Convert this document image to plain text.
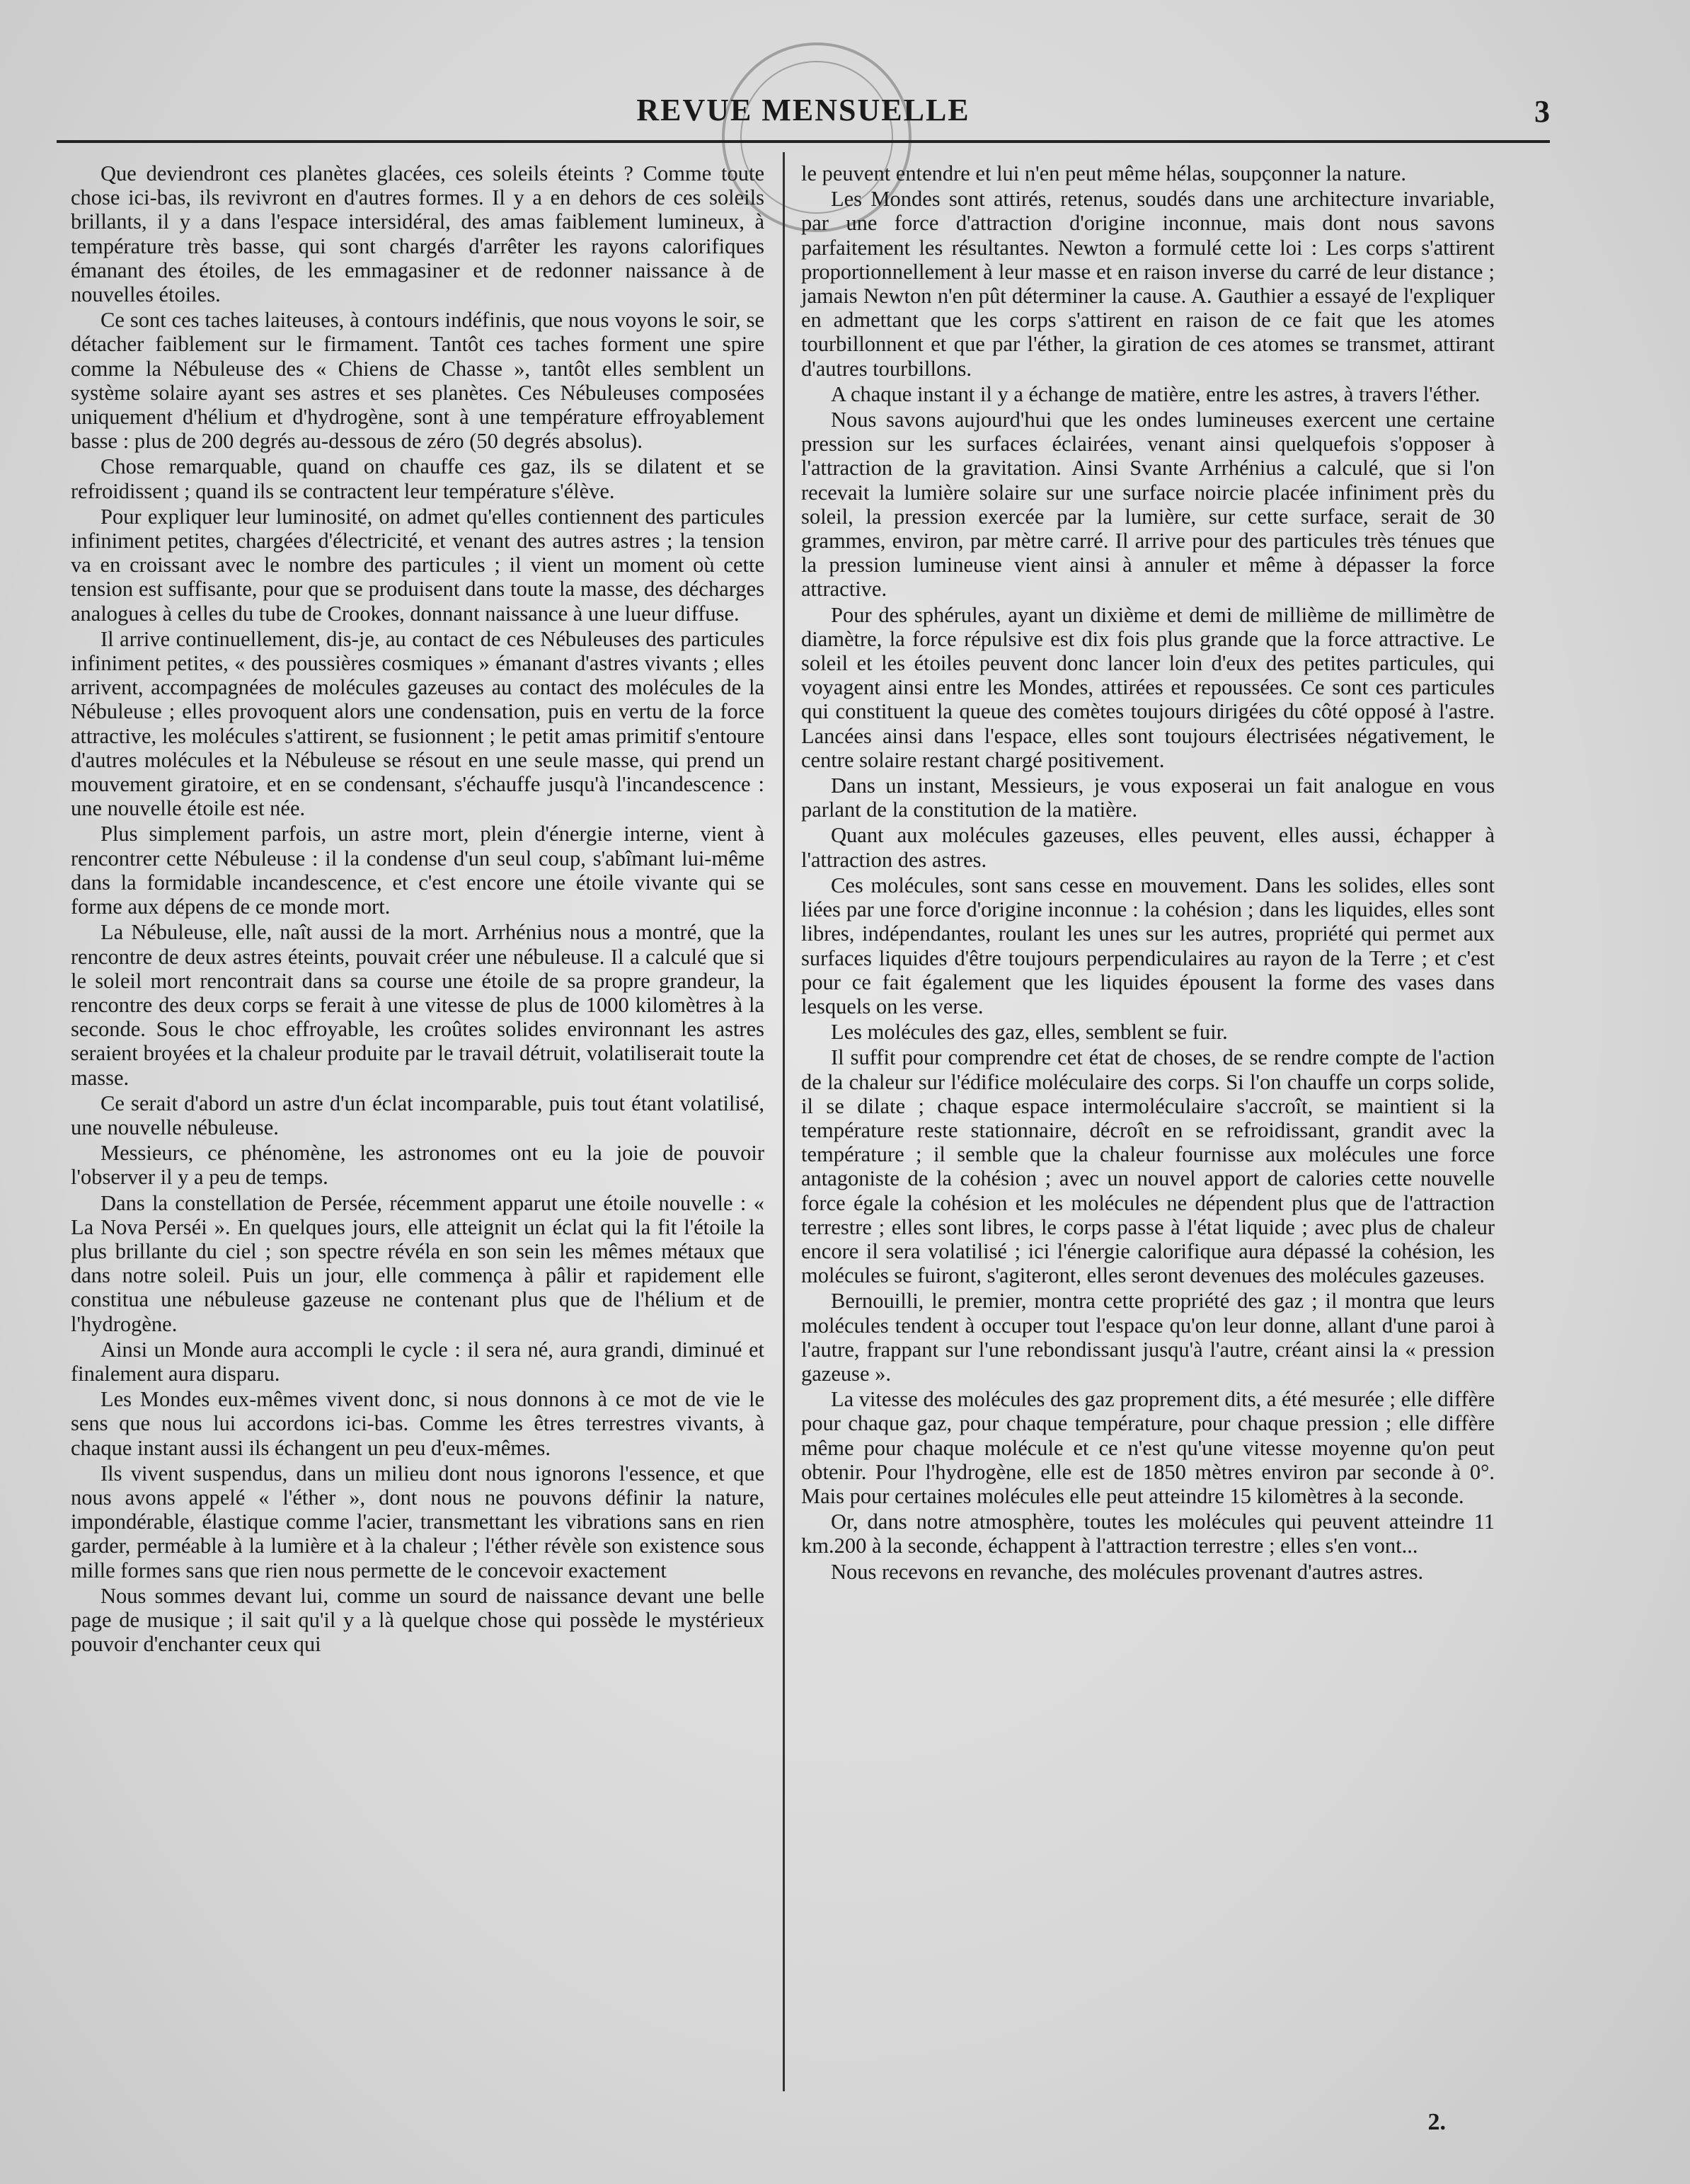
REVUE MENSUELLE	3

Que deviendront ces planètes glacées, ces soleils éteints ? Comme toute chose ici-bas, ils revivront en d'autres formes. Il y a en dehors de ces soleils brillants, il y a dans l'espace intersidéral, des amas faiblement lumineux, à température très basse, qui sont chargés d'arrêter les rayons calorifiques émanant des étoiles, de les emmagasiner et de redonner naissance à de nouvelles étoiles.

Ce sont ces taches laiteuses, à contours indéfinis, que nous voyons le soir, se détacher faiblement sur le firmament. Tantôt ces taches forment une spire comme la Nébuleuse des « Chiens de Chasse », tantôt elles semblent un système solaire ayant ses astres et ses planètes. Ces Nébuleuses composées uniquement d'hélium et d'hydrogène, sont à une température effroyablement basse : plus de 200 degrés au-dessous de zéro (50 degrés absolus).

Chose remarquable, quand on chauffe ces gaz, ils se dilatent et se refroidissent ; quand ils se contractent leur température s'élève.

Pour expliquer leur luminosité, on admet qu'elles contiennent des particules infiniment petites, chargées d'électricité, et venant des autres astres ; la tension va en croissant avec le nombre des particules ; il vient un moment où cette tension est suffisante, pour que se produisent dans toute la masse, des décharges analogues à celles du tube de Crookes, donnant naissance à une lueur diffuse.

Il arrive continuellement, dis-je, au contact de ces Nébuleuses des particules infiniment petites, « des poussières cosmiques » émanant d'astres vivants ; elles arrivent, accompagnées de molécules gazeuses au contact des molécules de la Nébuleuse ; elles provoquent alors une condensation, puis en vertu de la force attractive, les molécules s'attirent, se fusionnent ; le petit amas primitif s'entoure d'autres molécules et la Nébuleuse se résout en une seule masse, qui prend un mouvement giratoire, et en se condensant, s'échauffe jusqu'à l'incandescence : une nouvelle étoile est née.

Plus simplement parfois, un astre mort, plein d'énergie interne, vient à rencontrer cette Nébuleuse : il la condense d'un seul coup, s'abîmant lui-même dans la formidable incandescence, et c'est encore une étoile vivante qui se forme aux dépens de ce monde mort.

La Nébuleuse, elle, naît aussi de la mort. Arrhénius nous a montré, que la rencontre de deux astres éteints, pouvait créer une nébuleuse. Il a calculé que si le soleil mort rencontrait dans sa course une étoile de sa propre grandeur, la rencontre des deux corps se ferait à une vitesse de plus de 1000 kilomètres à la seconde. Sous le choc effroyable, les croûtes solides environnant les astres seraient broyées et la chaleur produite par le travail détruit, volatiliserait toute la masse.

Ce serait d'abord un astre d'un éclat incomparable, puis tout étant volatilisé, une nouvelle nébuleuse.

Messieurs, ce phénomène, les astronomes ont eu la joie de pouvoir l'observer il y a peu de temps.

Dans la constellation de Persée, récemment apparut une étoile nouvelle : « La Nova Perséi ». En quelques jours, elle atteignit un éclat qui la fit l'étoile la plus brillante du ciel ; son spectre révéla en son sein les mêmes métaux que dans notre soleil. Puis un jour, elle commença à pâlir et rapidement elle constitua une nébuleuse gazeuse ne contenant plus que de l'hélium et de l'hydrogène.

Ainsi un Monde aura accompli le cycle : il sera né, aura grandi, diminué et finalement aura disparu.

Les Mondes eux-mêmes vivent donc, si nous donnons à ce mot de vie le sens que nous lui accordons ici-bas. Comme les êtres terrestres vivants, à chaque instant aussi ils échangent un peu d'eux-mêmes.

Ils vivent suspendus, dans un milieu dont nous ignorons l'essence, et que nous avons appelé « l'éther », dont nous ne pouvons définir la nature, impondérable, élastique comme l'acier, transmettant les vibrations sans en rien garder, perméable à la lumière et à la chaleur ; l'éther révèle son existence sous mille formes sans que rien nous permette de le concevoir exactement

Nous sommes devant lui, comme un sourd de naissance devant une belle page de musique ; il sait qu'il y a là quelque chose qui possède le mystérieux pouvoir d'enchanter ceux qui

le peuvent entendre et lui n'en peut même hélas, soupçonner la nature.

Les Mondes sont attirés, retenus, soudés dans une architecture invariable, par une force d'attraction d'origine inconnue, mais dont nous savons parfaitement les résultantes. Newton a formulé cette loi : Les corps s'attirent proportionnellement à leur masse et en raison inverse du carré de leur distance ; jamais Newton n'en pût déterminer la cause. A. Gauthier a essayé de l'expliquer en admettant que les corps s'attirent en raison de ce fait que les atomes tourbillonnent et que par l'éther, la giration de ces atomes se transmet, attirant d'autres tourbillons.

A chaque instant il y a échange de matière, entre les astres, à travers l'éther.

Nous savons aujourd'hui que les ondes lumineuses exercent une certaine pression sur les surfaces éclairées, venant ainsi quelquefois s'opposer à l'attraction de la gravitation. Ainsi Svante Arrhénius a calculé, que si l'on recevait la lumière solaire sur une surface noircie placée infiniment près du soleil, la pression exercée par la lumière, sur cette surface, serait de 30 grammes, environ, par mètre carré. Il arrive pour des particules très ténues que la pression lumineuse vient ainsi à annuler et même à dépasser la force attractive.

Pour des sphérules, ayant un dixième et demi de millième de millimètre de diamètre, la force répulsive est dix fois plus grande que la force attractive. Le soleil et les étoiles peuvent donc lancer loin d'eux des petites particules, qui voyagent ainsi entre les Mondes, attirées et repoussées. Ce sont ces particules qui constituent la queue des comètes toujours dirigées du côté opposé à l'astre. Lancées ainsi dans l'espace, elles sont toujours électrisées négativement, le centre solaire restant chargé positivement.

Dans un instant, Messieurs, je vous exposerai un fait analogue en vous parlant de la constitution de la matière.

Quant aux molécules gazeuses, elles peuvent, elles aussi, échapper à l'attraction des astres.

Ces molécules, sont sans cesse en mouvement. Dans les solides, elles sont liées par une force d'origine inconnue : la cohésion ; dans les liquides, elles sont libres, indépendantes, roulant les unes sur les autres, propriété qui permet aux surfaces liquides d'être toujours perpendiculaires au rayon de la Terre ; et c'est pour ce fait également que les liquides épousent la forme des vases dans lesquels on les verse.

Les molécules des gaz, elles, semblent se fuir.

Il suffit pour comprendre cet état de choses, de se rendre compte de l'action de la chaleur sur l'édifice moléculaire des corps. Si l'on chauffe un corps solide, il se dilate ; chaque espace intermoléculaire s'accroît, se maintient si la température reste stationnaire, décroît en se refroidissant, grandit avec la température ; il semble que la chaleur fournisse aux molécules une force antagoniste de la cohésion ; avec un nouvel apport de calories cette nouvelle force égale la cohésion et les molécules ne dépendent plus que de l'attraction terrestre ; elles sont libres, le corps passe à l'état liquide ; avec plus de chaleur encore il sera volatilisé ; ici l'énergie calorifique aura dépassé la cohésion, les molécules se fuiront, s'agiteront, elles seront devenues des molécules gazeuses.

Bernouilli, le premier, montra cette propriété des gaz ; il montra que leurs molécules tendent à occuper tout l'espace qu'on leur donne, allant d'une paroi à l'autre, frappant sur l'une rebondissant jusqu'à l'autre, créant ainsi la « pression gazeuse ».

La vitesse des molécules des gaz proprement dits, a été mesurée ; elle diffère pour chaque gaz, pour chaque température, pour chaque pression ; elle diffère même pour chaque molécule et ce n'est qu'une vitesse moyenne qu'on peut obtenir. Pour l'hydrogène, elle est de 1850 mètres environ par seconde à 0°. Mais pour certaines molécules elle peut atteindre 15 kilomètres à la seconde.

Or, dans notre atmosphère, toutes les molécules qui peuvent atteindre 11 km.200 à la seconde, échappent à l'attraction terrestre ; elles s'en vont...

Nous recevons en revanche, des molécules provenant d'autres astres.

2.
